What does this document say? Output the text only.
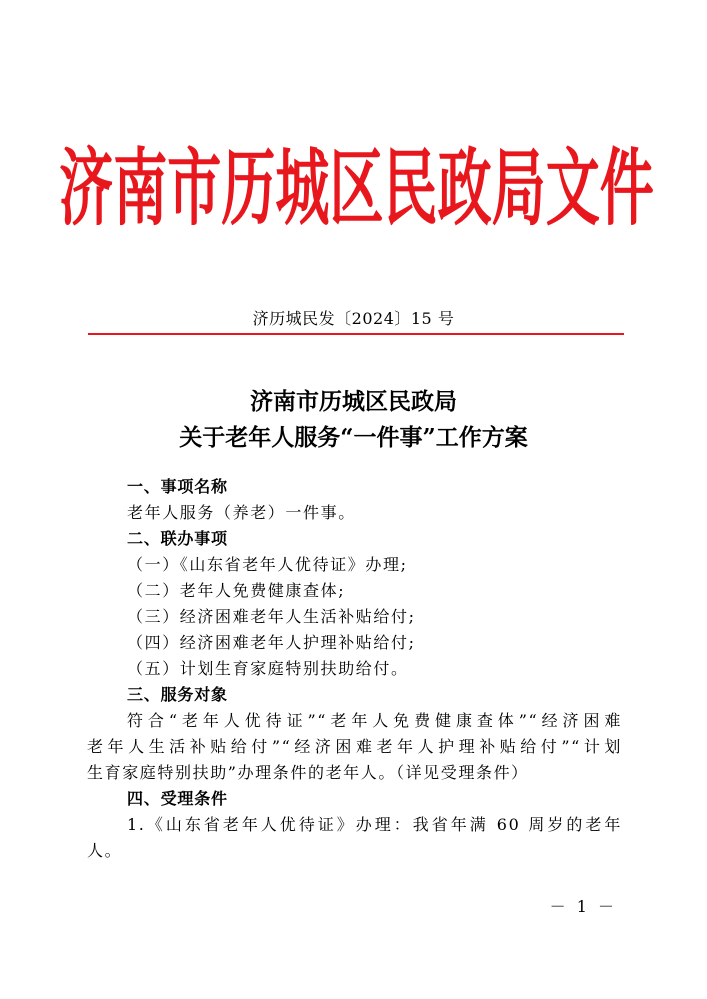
济南市历城区民政局文件
济历城民发〔2024〕15 号
济南市历城区民政局
关于老年人服务“一件事”工作方案
一、事项名称
老年人服务（养老）一件事。
二、联办事项
（一）《山东省老年人优待证》办理;
（二）老年人免费健康查体;
（三）经济困难老年人生活补贴给付;
（四）经济困难老年人护理补贴给付;
（五）计划生育家庭特别扶助给付。
三、服务对象
符合“老年人优待证”“老年人免费健康查体”“经济困难
老年人生活补贴给付”“经济困难老年人护理补贴给付”“计划
生育家庭特别扶助”办理条件的老年人。（详见受理条件）
四、受理条件
1.《山东省老年人优待证》办理：我省年满 60 周岁的老年
人。
－ 1 －
